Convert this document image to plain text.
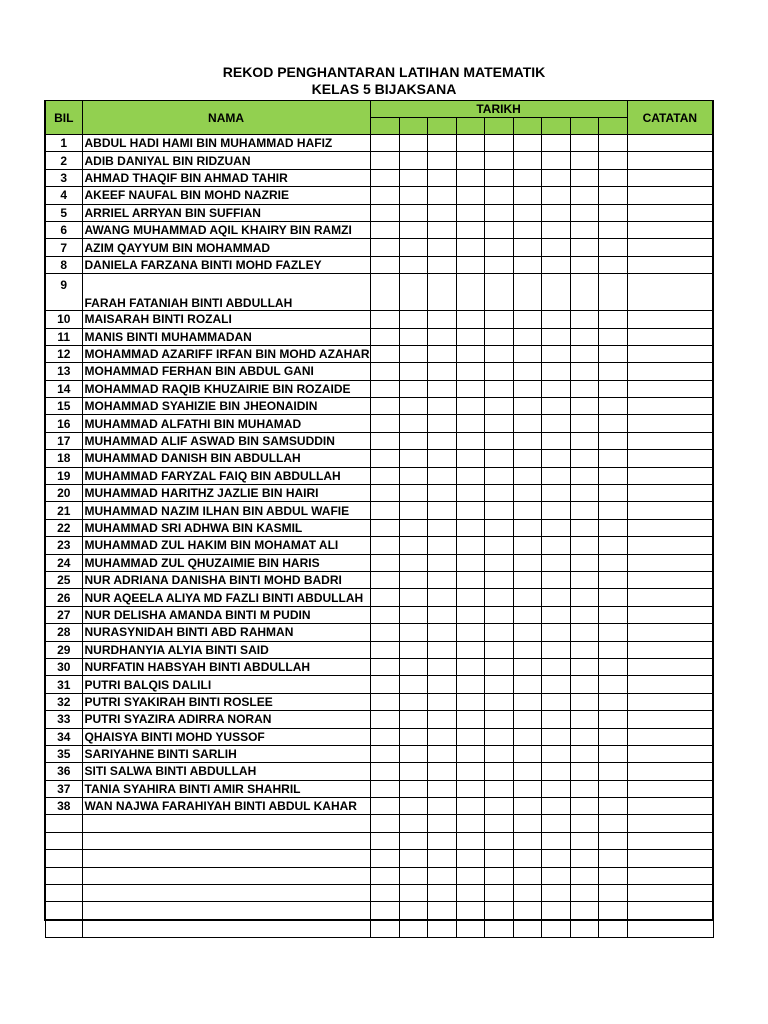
REKOD PENGHANTARAN LATIHAN MATEMATIK
KELAS 5 BIJAKSANA
BIL	NAMA	TARIKH									CATATAN

1	ABDUL HADI HAMI BIN MUHAMMAD HAFIZ										
2	ADIB DANIYAL BIN RIDZUAN										
3	AHMAD THAQIF BIN AHMAD TAHIR										
4	AKEEF NAUFAL BIN MOHD NAZRIE										
5	ARRIEL ARRYAN BIN SUFFIAN										
6	AWANG MUHAMMAD AQIL KHAIRY BIN RAMZI										
7	AZIM QAYYUM BIN MOHAMMAD										
8	DANIELA FARZANA BINTI MOHD FAZLEY										
9	FARAH FATANIAH BINTI ABDULLAH										
10	MAISARAH BINTI ROZALI										
11	MANIS BINTI MUHAMMADAN										
12	MOHAMMAD AZARIFF IRFAN BIN MOHD AZAHAR										
13	MOHAMMAD FERHAN BIN ABDUL GANI										
14	MOHAMMAD RAQIB KHUZAIRIE BIN ROZAIDE										
15	MOHAMMAD SYAHIZIE BIN JHEONAIDIN										
16	MUHAMMAD ALFATHI BIN MUHAMAD										
17	MUHAMMAD ALIF ASWAD BIN SAMSUDDIN										
18	MUHAMMAD DANISH BIN ABDULLAH										
19	MUHAMMAD FARYZAL FAIQ BIN ABDULLAH										
20	MUHAMMAD HARITHZ JAZLIE BIN HAIRI										
21	MUHAMMAD NAZIM ILHAN BIN ABDUL WAFIE										
22	MUHAMMAD SRI ADHWA BIN KASMIL										
23	MUHAMMAD ZUL HAKIM BIN MOHAMAT ALI										
24	MUHAMMAD ZUL QHUZAIMIE BIN HARIS										
25	NUR ADRIANA DANISHA BINTI MOHD BADRI										
26	NUR AQEELA ALIYA MD FAZLI BINTI ABDULLAH										
27	NUR DELISHA AMANDA BINTI M PUDIN										
28	NURASYNIDAH BINTI ABD RAHMAN										
29	NURDHANYIA ALYIA BINTI SAID										
30	NURFATIN HABSYAH BINTI ABDULLAH										
31	PUTRI BALQIS DALILI										
32	PUTRI SYAKIRAH BINTI ROSLEE										
33	PUTRI SYAZIRA ADIRRA NORAN										
34	QHAISYA BINTI MOHD YUSSOF										
35	SARIYAHNE BINTI SARLIH										
36	SITI SALWA BINTI ABDULLAH										
37	TANIA SYAHIRA BINTI AMIR SHAHRIL										
38	WAN NAJWA FARAHIYAH BINTI ABDUL KAHAR										
